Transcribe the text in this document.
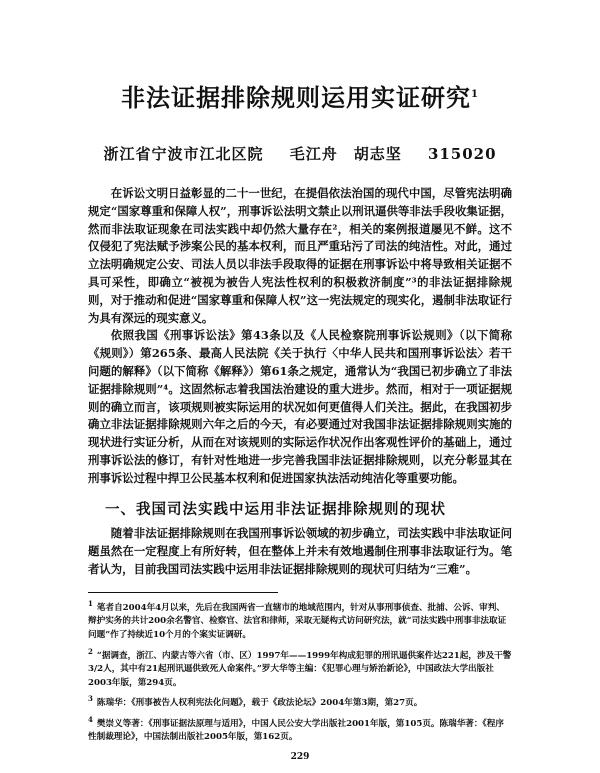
非法证据排除规则运用实证研究$^1$
浙江省宁波市江北区院 毛江舟　胡志坚 315020

在诉讼文明日益彰显的二十一世纪，在提倡依法治国的现代中国，尽管宪法明确规定“国家尊重和保障人权”，刑事诉讼法明文禁止以刑讯逼供等非法手段收集证据，然而非法取证现象在司法实践中却仍然大量存在²，相关的案例报道屡见不鲜。这不仅侵犯了宪法赋予涉案公民的基本权利，而且严重玷污了司法的纯洁性。对此，通过立法明确规定公安、司法人员以非法手段取得的证据在刑事诉讼中将导致相关证据不具可采性，即确立“被视为被告人宪法性权利的积极救济制度”³的非法证据排除规则，对于推动和促进“国家尊重和保障人权”这一宪法规定的现实化，遏制非法取证行为具有深远的现实意义。

依照我国《刑事诉讼法》第43条以及《人民检察院刑事诉讼规则》（以下简称《规则》）第265条、最高人民法院《关于执行〈中华人民共和国刑事诉讼法〉若干问题的解释》（以下简称《解释》）第61条之规定，通常认为“我国已初步确立了非法证据排除规则”⁴。这固然标志着我国法治建设的重大进步。然而，相对于一项证据规则的确立而言，该项规则被实际运用的状况如何更值得人们关注。据此，在我国初步确立非法证据排除规则六年之后的今天，有必要通过对我国非法证据排除规则实施的现状进行实证分析，从而在对该规则的实际运作状况作出客观性评价的基础上，通过刑事诉讼法的修订，有针对性地进一步完善我国非法证据排除规则，以充分彰显其在刑事诉讼过程中捍卫公民基本权利和促进国家执法活动纯洁化等重要功能。

一、我国司法实践中运用非法证据排除规则的现状

随着非法证据排除规则在我国刑事诉讼领域的初步确立，司法实践中非法取证问题虽然在一定程度上有所好转，但在整体上并未有效地遏制住刑事非法取证行为。笔者认为，目前我国司法实践中运用非法证据排除规则的现状可归结为“三难”。

$^1$ 笔者自2004年4月以来，先后在我国两省一直辖市的地域范围内，针对从事刑事侦查、批捕、公诉、审判、辩护实务的共计200余名警官、检察官、法官和律师，采取无疑构式访问研究法，就“司法实践中刑事非法取证问题”作了持续近10个月的个案实证调研。

$^2$ “据调查，浙江、内蒙古等六省（市、区）1997年——1999年构成犯罪的刑讯逼供案件达221起，涉及干警3/2人，其中有21起刑讯逼供致死人命案件。”罗大华等主编：《犯罪心理与矫治新论》，中国政法大学出版社2003年版，第294页。

$^3$ 陈瑞华：《刑事被告人权利宪法化问题》，载于《政法论坛》2004年第3期，第27页。

$^4$ 樊崇义等著：《刑事证据法原理与适用》，中国人民公安大学出版社2001年版，第105页。陈瑞华著：《程序性制裁理论》，中国法制出版社2005年版，第162页。

229
